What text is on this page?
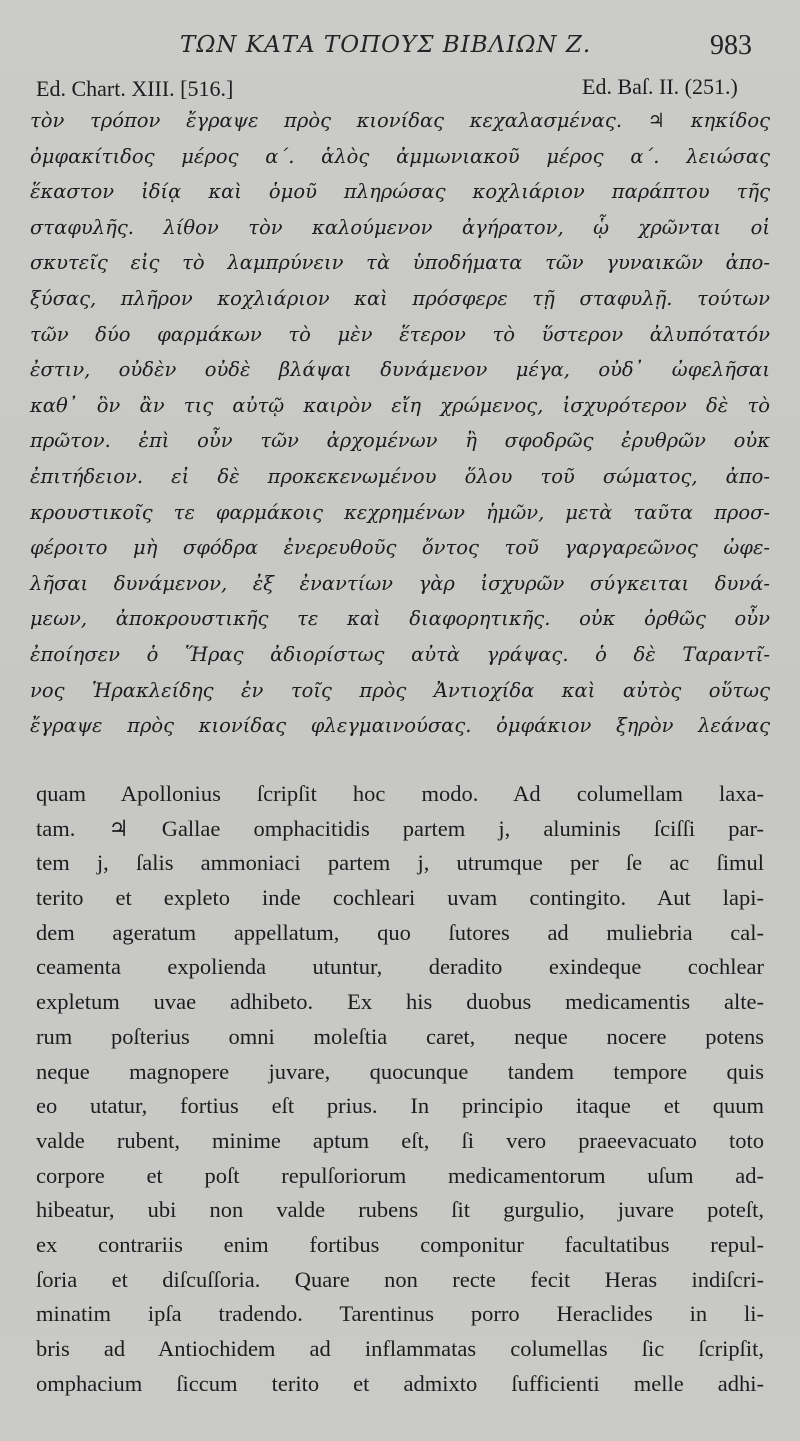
ΤΩΝ ΚΑΤΑ ΤΟΠΟΥΣ ΒΙΒΛΙΩΝ Ζ.	983
Ed. Chart. XIII. [516.]	Ed. Baſ. II. (251.)
τὸν τρόπον ἔγραψε πρὸς κιονίδας κεχαλασμένας. ♃ κηκίδος
ὀμφακίτιδος μέρος α΄. ἁλὸς ἀμμωνιακοῦ μέρος α΄. λειώσας
ἕκαστον ἰδίᾳ καὶ ὁμοῦ πληρώσας κοχλιάριον παράπτου τῆς
σταφυλῆς. λίθον τὸν καλούμενον ἀγήρατον, ᾧ χρῶνται οἱ
σκυτεῖς εἰς τὸ λαμπρύνειν τὰ ὑποδήματα τῶν γυναικῶν ἀπο-
ξύσας, πλῆρον κοχλιάριον καὶ πρόσφερε τῇ σταφυλῇ. τούτων
τῶν δύο φαρμάκων τὸ μὲν ἕτερον τὸ ὕστερον ἀλυπότατόν
ἐστιν, οὐδὲν οὐδὲ βλάψαι δυνάμενον μέγα, οὐδ᾽ ὠφελῆσαι
καθ᾽ ὃν ἂν τις αὐτῷ καιρὸν εἴη χρώμενος, ἰσχυρότερον δὲ τὸ
πρῶτον. ἐπὶ οὖν τῶν ἀρχομένων ἢ σφοδρῶς ἐρυθρῶν οὐκ
ἐπιτήδειον. εἰ δὲ προκεκενωμένου ὅλου τοῦ σώματος, ἀπο-
κρουστικοῖς τε φαρμάκοις κεχρημένων ἡμῶν, μετὰ ταῦτα προσ-
φέροιτο μὴ σφόδρα ἐνερευθοῦς ὄντος τοῦ γαργαρεῶνος ὠφε-
λῆσαι δυνάμενον, ἐξ ἐναντίων γὰρ ἰσχυρῶν σύγκειται δυνά-
μεων, ἀποκρουστικῆς τε καὶ διαφορητικῆς. οὐκ ὀρθῶς οὖν
ἐποίησεν ὁ Ἥρας ἀδιορίστως αὐτὰ γράψας. ὁ δὲ Ταραντῖ-
νος Ἡρακλείδης ἐν τοῖς πρὸς Ἀντιοχίδα καὶ αὐτὸς οὕτως
ἔγραψε πρὸς κιονίδας φλεγμαινούσας. ὀμφάκιον ξηρὸν λεάνας
quam Apollonius ſcripſit hoc modo. Ad columellam laxa-
tam. ♃ Gallae omphacitidis partem j, aluminis ſciſſi par-
tem j, ſalis ammoniaci partem j, utrumque per ſe ac ſimul
terito et expleto inde cochleari uvam contingito. Aut lapi-
dem ageratum appellatum, quo ſutores ad muliebria cal-
ceamenta expolienda utuntur, deradito exindeque cochlear
expletum uvae adhibeto. Ex his duobus medicamentis alte-
rum poſterius omni moleſtia caret, neque nocere potens
neque magnopere juvare, quocunque tandem tempore quis
eo utatur, fortius eſt prius. In principio itaque et quum
valde rubent, minime aptum eſt, ſi vero praeevacuato toto
corpore et poſt repulſoriorum medicamentorum uſum ad-
hibeatur, ubi non valde rubens ſit gurgulio, juvare poteſt,
ex contrariis enim fortibus componitur facultatibus repul-
ſoria et diſcuſſoria. Quare non recte fecit Heras indiſcri-
minatim ipſa tradendo. Tarentinus porro Heraclides in li-
bris ad Antiochidem ad inflammatas columellas ſic ſcripſit,
omphacium ſiccum terito et admixto ſufficienti melle adhi-
